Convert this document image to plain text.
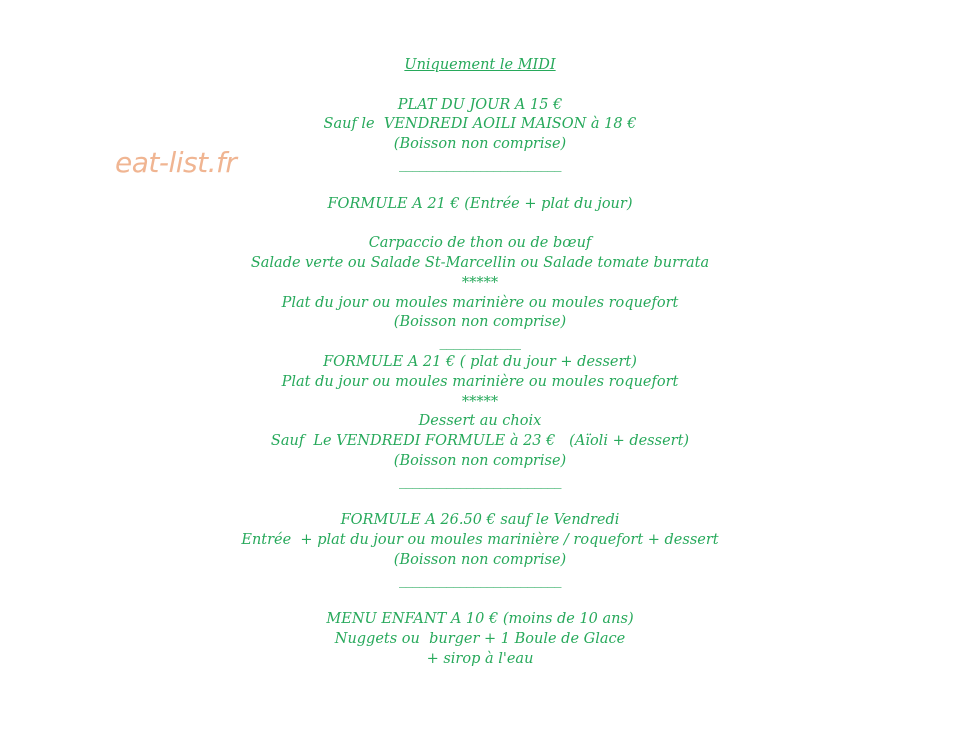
eat-list.fr
Uniquement le MIDI
PLAT DU JOUR A 15 €
Sauf le  VENDREDI AOILI MAISON à 18 €
(Boisson non comprise)
________________________
FORMULE A 21 € (Entrée + plat du jour)
Carpaccio de thon ou de bœuf
Salade verte ou Salade St-Marcellin ou Salade tomate burrata
*****
Plat du jour ou moules marinière ou moules roquefort
(Boisson non comprise)
____________
FORMULE A 21 € ( plat du jour + dessert)
Plat du jour ou moules marinière ou moules roquefort
*****
Dessert au choix
Sauf  Le VENDREDI FORMULE à 23 €   (Aïoli + dessert)
(Boisson non comprise)
________________________
FORMULE A 26.50 € sauf le Vendredi
Entrée  + plat du jour ou moules marinière / roquefort + dessert
(Boisson non comprise)
________________________
MENU ENFANT A 10 € (moins de 10 ans)
Nuggets ou  burger + 1 Boule de Glace
+ sirop à l'eau
